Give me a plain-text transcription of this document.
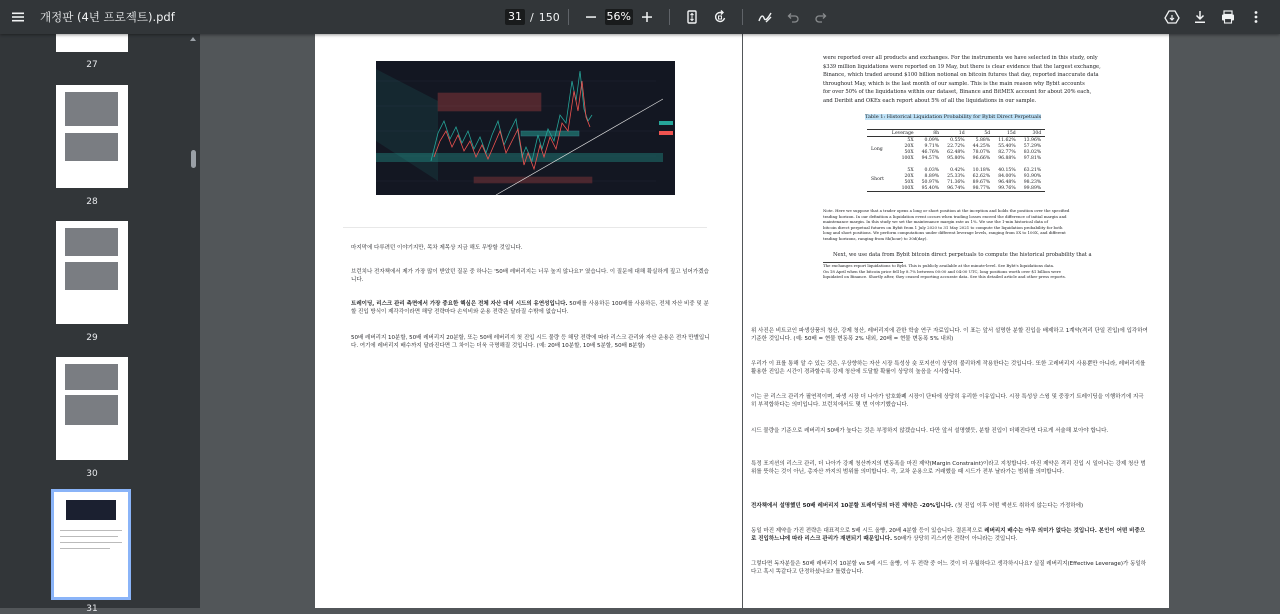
개정판 (4년 프로젝트).pdf	31 / 150	56%
27
28
29
30
31
마지막에 다루려던 이야기지만, 목차 제목상 지금 해도 무방할 것입니다.
브런치나 전자책에서 제가 가장 많이 받았던 질문 중 하나는 '50배 레버리지는 너무 높지 않나요?' 였습니다. 이 질문에 대해 확실하게 짚고 넘어가겠습니다.
트레이딩, 리스크 관리 측면에서 가장 중요한 핵심은 전체 자산 대비 시드의 유연성입니다. 50배를 사용하든 100배를 사용하든, 전체 자산 비중 및 분할 진입 방식이 제각각이라면 해당 전략마다 손익비와 운용 전략은 달라질 수밖에 없습니다.
50배 레버리지 10분할, 50배 레버리지 20분할, 또는 50배 레버리지 첫 진입 시드 물량 등 해당 전략에 따라 리스크 관리와 자산 운용은 전자 만별입니다. 여기에 레버리지 배수까지 달라진다면 그 차이는 더욱 극명해질 것입니다. (예: 20배 10분할, 10배 5분할, 50배 8분할)
were reported over all products and exchanges. For the instruments we have selected in this study, only
$339 million liquidations were reported on 19 May, but there is clear evidence that the largest exchange,
Binance, which traded around $100 billion notional on bitcoin futures that day, reported inaccurate data
throughout May, which is the last month of our sample. This is the main reason why Bybit accounts
for over 50% of the liquidations within our dataset, Binance and BitMEX account for about 20% each,
and Deribit and OKEx each report about 5% of all the liquidations in our sample.
Table 1: Historical Liquidation Probability for Bybit Direct Perpetuals
	Leverage	8h	1d	5d	15d	30d
Long	5X	0.09%	0.55%	5.88%	11.62%	13.96%
	20X	9.71%	22.72%	44.25%	55.40%	57.29%
	50X	46.76%	62.48%	78.07%	82.77%	83.02%
	100X	94.57%	95.80%	96.66%	96.88%	97.81%

Short	5X	0.03%	0.42%	10.18%	40.15%	63.21%
	20X	8.89%	25.33%	62.62%	84.00%	93.90%
	50X	50.97%	71.36%	89.67%	96.48%	98.23%
	100X	95.40%	96.74%	98.77%	99.76%	99.89%
Note. Here we suppose that a trader opens a long or short position at the inception and holds the position over the specified
trading horizon. In our definition a liquidation event occurs when trading losses exceed the difference of initial margin and
maintenance margin. In this study we set the maintenance margin rate as 1%. We use the 1-min historical data of
bitcoin direct perpetual futures on Bybit from 1 July 2020 to 31 May 2021 to compute the liquidation probability for both
long and short positions. We perform computations under different leverage levels, ranging from 5X to 100X, and different
trading horizons, ranging from 8h(hour) to 30d(day).
Next, we use data from Bybit bitcoin direct perpetuals to compute the historical probability that a
The exchanges report liquidations to Bybt. This is publicly available at the minute-level. See Bybt's liquidations data.
On 18 April when the bitcoin price fell by 8.7% between 00:00 and 04:00 UTC, long positions worth over $1 billion were
liquidated on Binance. Shortly after, they ceased reporting accurate data. See this detailed article and other press reports.
위 사진은 비트코인 파생상품의 청산, 강제 청산, 레버리지에 관한 학술 연구 자료입니다. 이 표는 앞서 설명한 분할 진입을 배제하고 1계약(격리 단일 진입)에 입각하여 기준한 것입니다. (예: 50배 = 현물 변동폭 2% 내외, 20배 = 현물 변동폭 5% 내외)
우리가 이 표를 통해 알 수 있는 것은, 우상향하는 자산 시장 특성상 숏 포지션이 상당히 불리하게 작용한다는 것입니다. 또한 고레버리지 사용뿐만 아니라, 레버리지를 활용한 진입은 시간이 경과할수록 강제 청산에 도달할 확률이 상당히 높음을 시사합니다.
이는 곧 리스크 관리가 필연적이며, 파생 시장 더 나아가 암호화폐 시장이 단타에 상당히 유리한 이유입니다. 시장 특성상 스윙 및 중장기 트레이딩을 이행하기에 지극히 부적합하다는 의미입니다. 브런치에서도 몇 번 이야기했습니다.
시드 물량을 기준으로 레버리지 50배가 높다는 것은 부정하지 않겠습니다. 다만 앞서 설명했듯, 분할 진입이 더해진다면 다르게 서술해 보아야 합니다.
특정 포지션의 리스크 관리, 더 나아가 강제 청산까지의 변동폭을 마진 제약(Margin Constraint)이라고 지칭합니다. 마진 제약은 격리 진입 시 일어나는 강제 청산 범위를 뜻하는 것이 아닌, 총자산 까지의 범위를 의미합니다. 즉, 교차 운용으로 거래했을 때 시드가 전부 날라가는 범위를 의미합니다.
전자책에서 설명했던 50배 레버리지 10분할 트레이딩의 마진 제약은 -20%입니다. (첫 진입 이후 어떤 액션도 취하지 않는다는 가정하에)
동일 마진 제약을 가진 전략은 대표적으로 5배 시드 올빵, 20배 4분할 등이 있습니다. 결론적으로 레버리지 배수는 아무 의미가 없다는 것입니다. 본인이 어떤 비중으로 진입하느냐에 따라 리스크 관리가 재편되기 때문입니다. 50배가 상당히 리스키한 전략이 아니라는 것입니다.
그렇다면 독자분들은 50배 레버리지 10분할 vs 5배 시드 올빵, 이 두 전략 중 어느 것이 더 우월하다고 생각하시나요? 실질 레버리지(Effective Leverage)가 동일하다고 혹시 똑같다고 단정하셨나요? 틀렸습니다.
